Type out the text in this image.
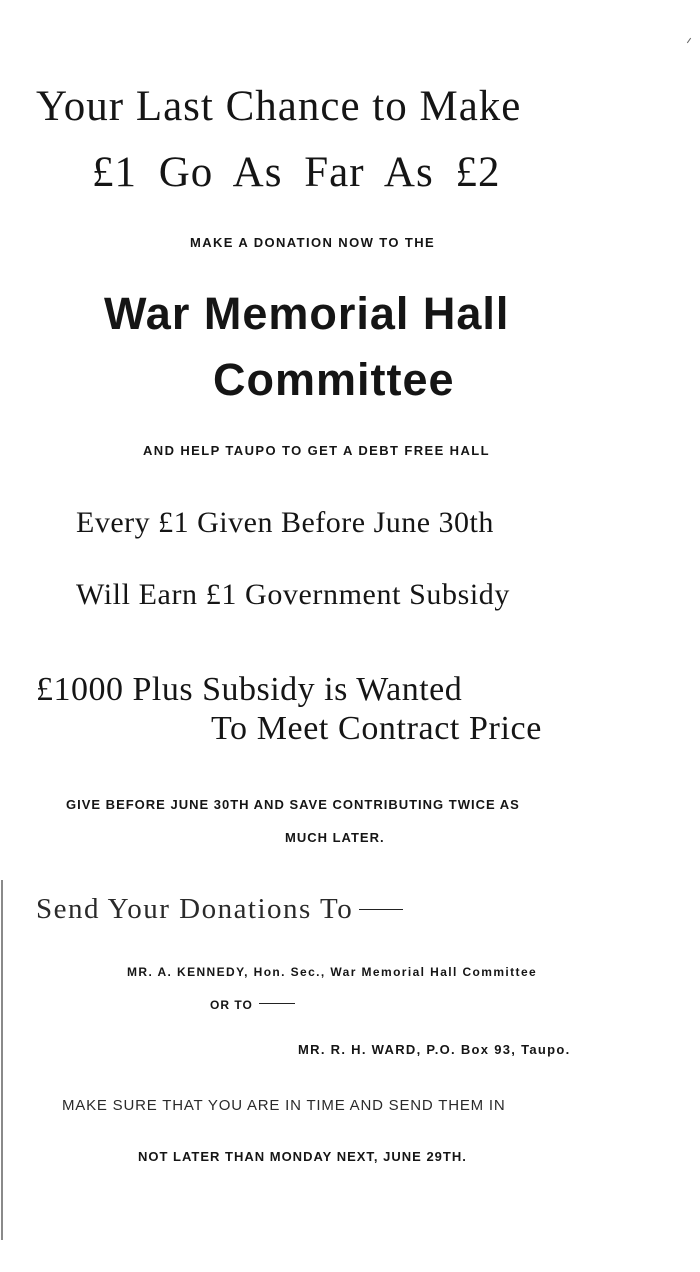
Your Last Chance to Make
£1 Go As Far As £2
MAKE A DONATION NOW TO THE
War Memorial Hall
Committee
AND HELP TAUPO TO GET A DEBT FREE HALL
Every £1 Given Before June 30th
Will Earn £1 Government Subsidy
£1000 Plus Subsidy is Wanted
To Meet Contract Price
GIVE BEFORE JUNE 30TH AND SAVE CONTRIBUTING TWICE AS
MUCH LATER.
Send Your Donations To
MR. A. KENNEDY, Hon. Sec., War Memorial Hall Committee
OR TO
MR. R. H. WARD, P.O. Box 93, Taupo.
MAKE SURE THAT YOU ARE IN TIME AND SEND THEM IN
NOT LATER THAN MONDAY NEXT, JUNE 29TH.
